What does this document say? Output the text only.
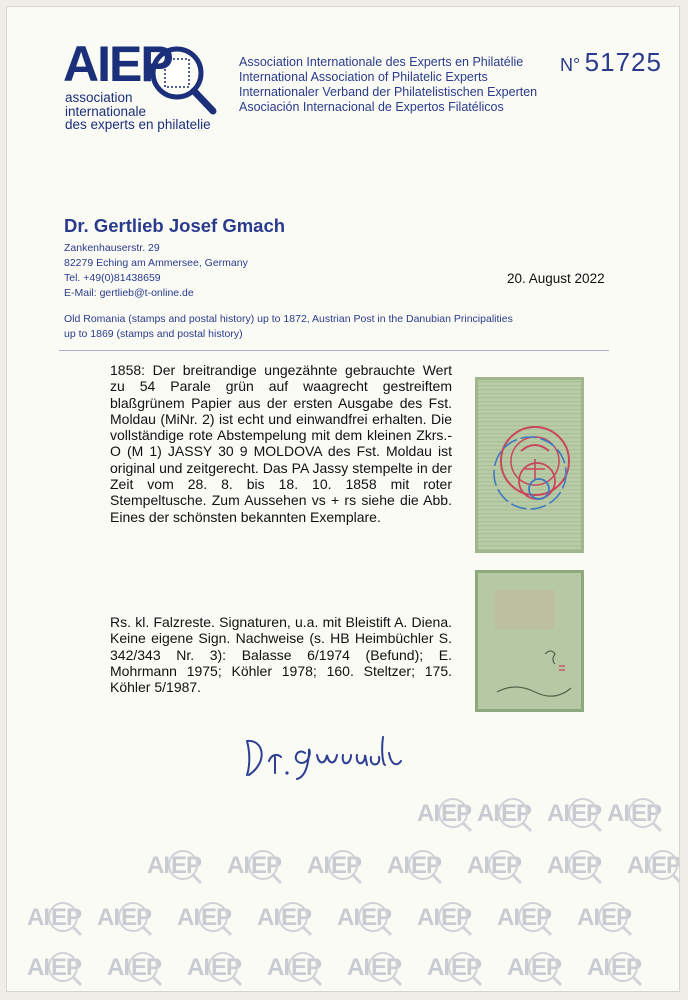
AIEP
association
internationale
des experts en philatelie
Association Internationale des Experts en Philatélie
International Association of Philatelic Experts
Internationaler Verband der Philatelistischen Experten
Asociación Internacional de Expertos Filatélicos
N° 51725
Dr. Gertlieb Josef Gmach
Zankenhauserstr. 29
82279 Eching am Ammersee, Germany
Tel. +49(0)81438659
E-Mail: gertlieb@t-online.de
20. August 2022
Old Romania (stamps and postal history) up to 1872, Austrian Post in the Danubian Principalities
up to 1869 (stamps and postal history)
1858: Der breitrandige ungezähnte gebrauchte Wert zu 54 Parale grün auf waagrecht gestreiftem blaßgrünem Papier aus der ersten Ausgabe des Fst. Moldau (MiNr. 2) ist echt und einwandfrei erhalten. Die vollständige rote Abstempelung mit dem kleinen Zkrs.-O (M 1) JASSY 30 9 MOLDOVA des Fst. Moldau ist original und zeitgerecht. Das PA Jassy stempelte in der Zeit vom 28. 8. bis 18. 10. 1858 mit roter Stempeltusche. Zum Aussehen vs + rs siehe die Abb. Eines der schönsten bekannten Exemplare.
Rs. kl. Falzreste. Signaturen, u.a. mit Bleistift A. Diena. Keine eigene Sign. Nachweise (s. HB Heimbüchler S. 342/343 Nr. 3): Balasse 6/1974 (Befund); E. Mohrmann 1975; Köhler 1978; 160. Steltzer; 175. Köhler 5/1987.
AI EP
